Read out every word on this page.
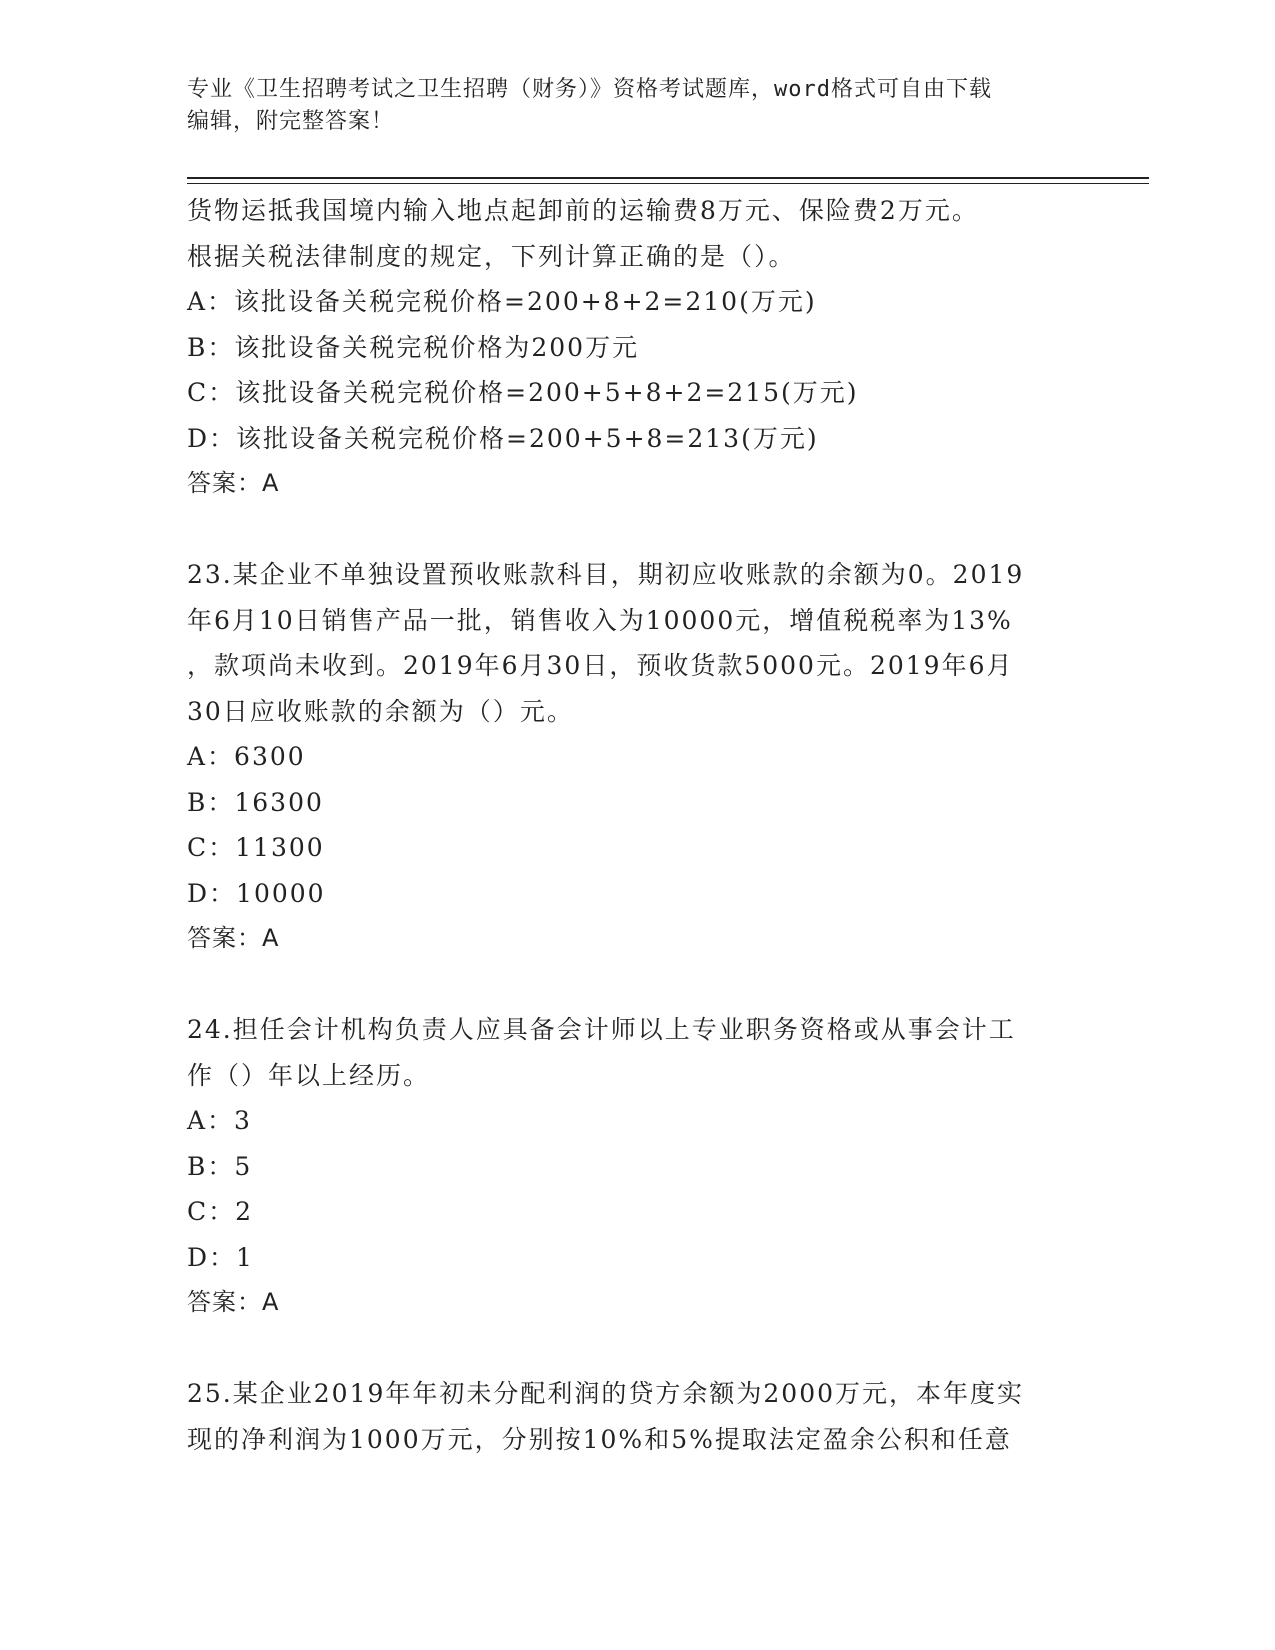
专业《卫生招聘考试之卫生招聘（财务）》资格考试题库，word格式可自由下载
编辑，附完整答案！
货物运抵我国境内输入地点起卸前的运输费8万元、保险费2万元。
根据关税法律制度的规定，下列计算正确的是（）。
A：该批设备关税完税价格=200+8+2=210(万元)
B：该批设备关税完税价格为200万元
C：该批设备关税完税价格=200+5+8+2=215(万元)
D：该批设备关税完税价格=200+5+8=213(万元)
答案：A
23.某企业不单独设置预收账款科目，期初应收账款的余额为0。2019
年6月10日销售产品一批，销售收入为10000元，增值税税率为13%
，款项尚未收到。2019年6月30日，预收货款5000元。2019年6月
30日应收账款的余额为（）元。
A：6300
B：16300
C：11300
D：10000
答案：A
24.担任会计机构负责人应具备会计师以上专业职务资格或从事会计工
作（）年以上经历。
A：3
B：5
C：2
D：1
答案：A
25.某企业2019年年初未分配利润的贷方余额为2000万元，本年度实
现的净利润为1000万元，分别按10%和5%提取法定盈余公积和任意
